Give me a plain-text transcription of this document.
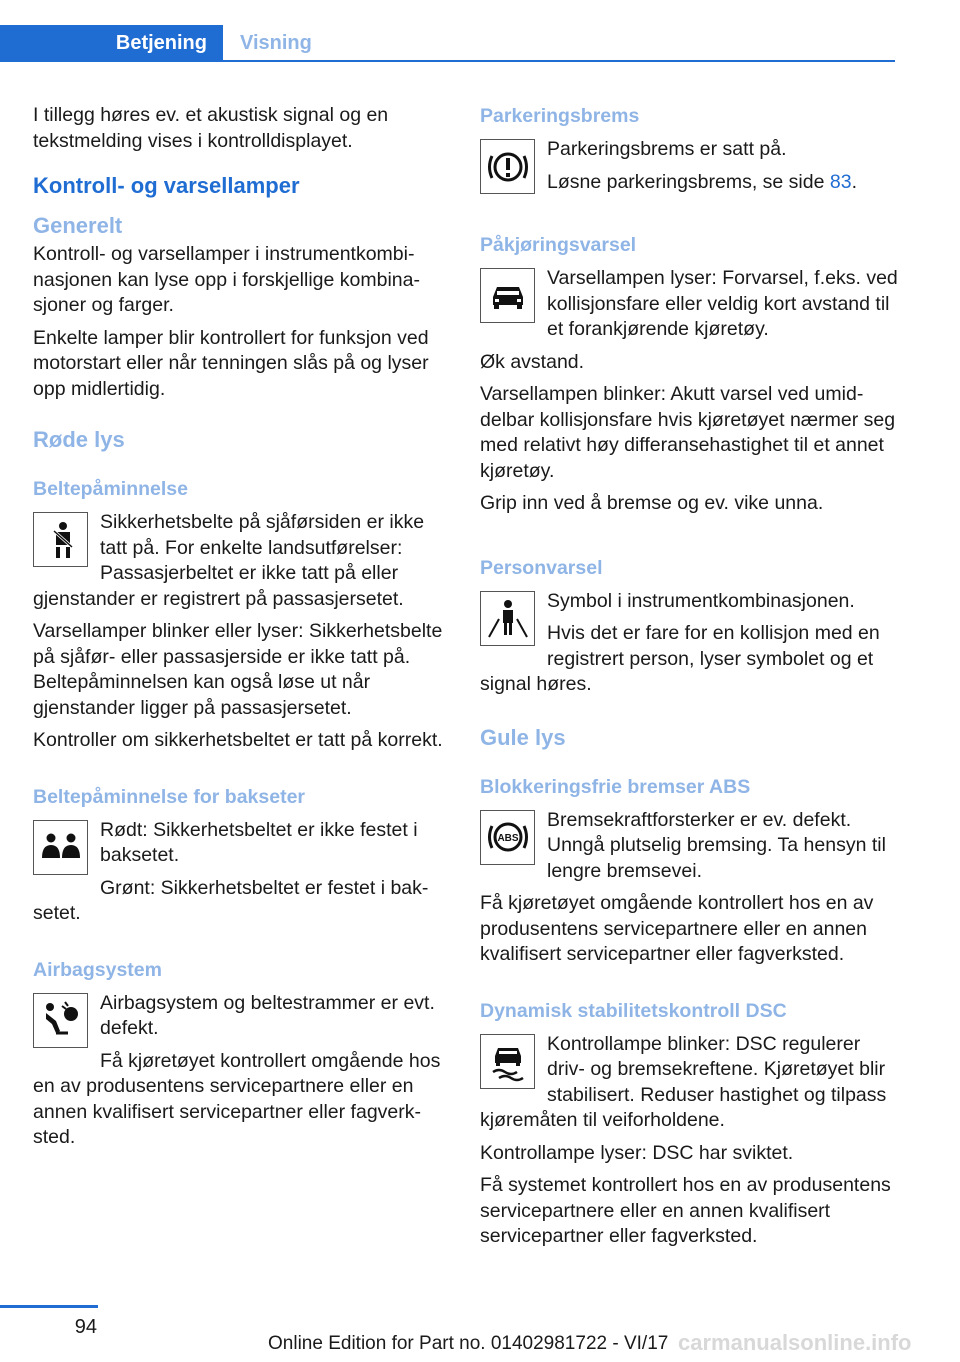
Betjening	Visning

I tillegg høres ev. et akustisk signal og en tekstmelding vises i kontrolldisplayet.

Kontroll- og varsellamper
Generelt

Kontroll- og varsellamper i instrumentkombinasjonen kan lyse opp i forskjellige kombinasjoner og farger.

Enkelte lamper blir kontrollert for funksjon ved motorstart eller når tenningen slås på og lyser opp midlertidig.

Røde lys
Beltepåminnelse

Sikkerhetsbelte på sjåførsiden er ikke tatt på. For enkelte landsutførelser: Passasjerbeltet er ikke tatt på eller gjenstander er registrert på passasjersetet.

Varsellamper blinker eller lyser: Sikkerhetsbelte på sjåfør- eller passasjerside er ikke tatt på. Beltepåminnelsen kan også løse ut når gjenstander ligger på passasjersetet.

Kontroller om sikkerhetsbeltet er tatt på korrekt.

Beltepåminnelse for bakseter

Rødt: Sikkerhetsbeltet er ikke festet i baksetet.

Grønt: Sikkerhetsbeltet er festet i baksetet.

Airbagsystem

Airbagsystem og beltestrammer er evt. defekt.

Få kjøretøyet kontrollert omgående hos en av produsentens servicepartnere eller en annen kvalifisert servicepartner eller fagverksted.

Parkeringsbrems

Parkeringsbrems er satt på.

Løsne parkeringsbrems, se side 83.

Påkjøringsvarsel

Varsellampen lyser: Forvarsel, f.eks. ved kollisjonsfare eller veldig kort avstand til et forankjørende kjøretøy.

Øk avstand.

Varsellampen blinker: Akutt varsel ved umiddelbar kollisjonsfare hvis kjøretøyet nærmer seg med relativt høy differansehastighet til et annet kjøretøy.

Grip inn ved å bremse og ev. vike unna.

Personvarsel

Symbol i instrumentkombinasjonen.

Hvis det er fare for en kollisjon med en registrert person, lyser symbolet og et signal høres.

Gule lys
Blokkeringsfrie bremser ABS
ABS

Bremsekraftforsterker er ev. defekt. Unngå plutselig bremsing. Ta hensyn til lengre bremsevei.

Få kjøretøyet omgående kontrollert hos en av produsentens servicepartnere eller en annen kvalifisert servicepartner eller fagverksted.

Dynamisk stabilitetskontroll DSC

Kontrollampe blinker: DSC regulerer driv- og bremsekreftene. Kjøretøyet blir stabilisert. Reduser hastighet og tilpass kjøremåten til veiforholdene.

Kontrollampe lyser: DSC har sviktet.

Få systemet kontrollert hos en av produsentens servicepartnere eller en annen kvalifisert servicepartner eller fagverksted.

94
Online Edition for Part no. 01402981722 - VI/17 carmanualsonline.info
